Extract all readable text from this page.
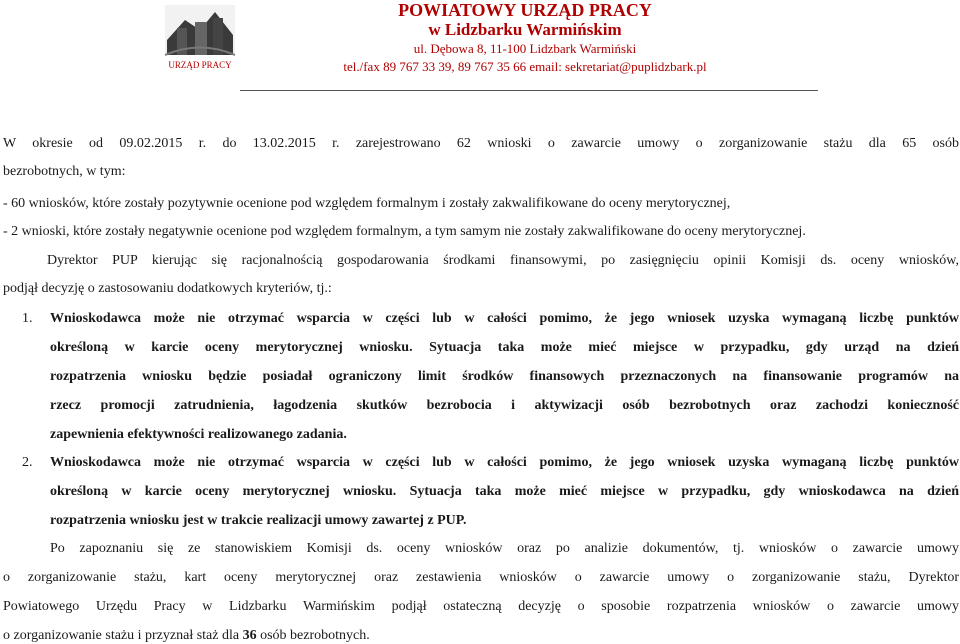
URZĄD PRACY
POWIATOWY URZĄD PRACY
w Lidzbarku Warmińskim
ul. Dębowa 8, 11-100 Lidzbark Warmiński
tel./fax 89 767 33 39, 89 767 35 66 email: sekretariat@puplidzbark.pl
W okresie od 09.02.2015 r. do 13.02.2015 r. zarejestrowano 62 wnioski o zawarcie umowy o zorganizowanie stażu dla 65 osób
bezrobotnych, w tym:
- 60 wniosków, które zostały pozytywnie ocenione pod względem formalnym i zostały zakwalifikowane do oceny merytorycznej,
- 2 wnioski, które zostały negatywnie ocenione pod względem formalnym, a tym samym nie zostały zakwalifikowane do oceny merytorycznej.
Dyrektor PUP kierując się racjonalnością gospodarowania środkami finansowymi, po zasięgnięciu opinii Komisji ds. oceny wniosków,
podjął decyzję o zastosowaniu dodatkowych kryteriów, tj.:
1. Wnioskodawca może nie otrzymać wsparcia w części lub w całości pomimo, że jego wniosek uzyska wymaganą liczbę punktów
określoną w karcie oceny merytorycznej wniosku. Sytuacja taka może mieć miejsce w przypadku, gdy urząd na dzień
rozpatrzenia wniosku będzie posiadał ograniczony limit środków finansowych przeznaczonych na finansowanie programów na
rzecz promocji zatrudnienia, łagodzenia skutków bezrobocia i aktywizacji osób bezrobotnych oraz zachodzi konieczność
zapewnienia efektywności realizowanego zadania.
2. Wnioskodawca może nie otrzymać wsparcia w części lub w całości pomimo, że jego wniosek uzyska wymaganą liczbę punktów
określoną w karcie oceny merytorycznej wniosku. Sytuacja taka może mieć miejsce w przypadku, gdy wnioskodawca na dzień
rozpatrzenia wniosku jest w trakcie realizacji umowy zawartej z PUP.
Po zapoznaniu się ze stanowiskiem Komisji ds. oceny wniosków oraz po analizie dokumentów, tj. wniosków o zawarcie umowy
o zorganizowanie stażu, kart oceny merytorycznej oraz zestawienia wniosków o zawarcie umowy o zorganizowanie stażu, Dyrektor
Powiatowego Urzędu Pracy w Lidzbarku Warmińskim podjął ostateczną decyzję o sposobie rozpatrzenia wniosków o zawarcie umowy
o zorganizowanie stażu i przyznał staż dla 36 osób bezrobotnych.
